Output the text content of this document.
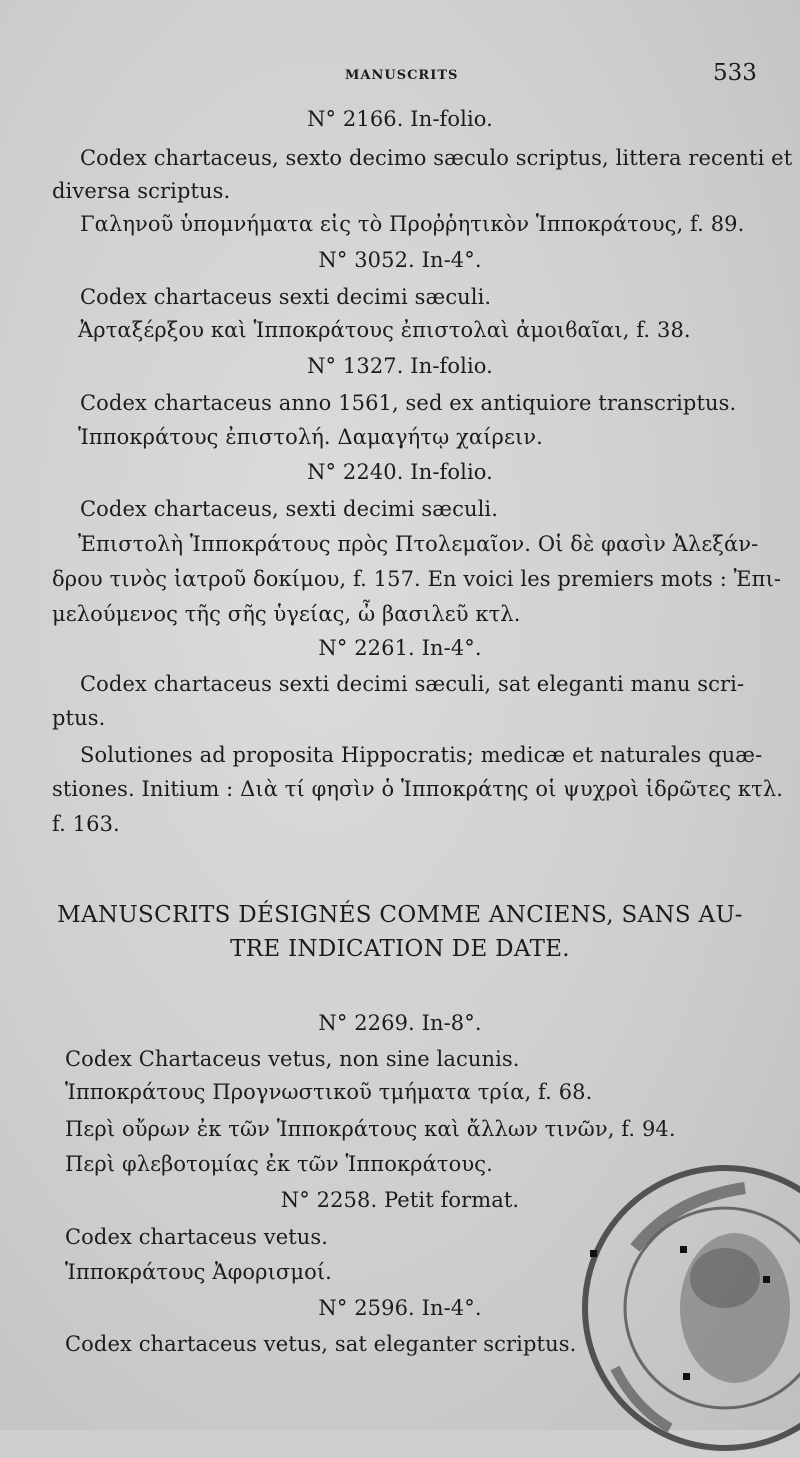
MANUSCRITS	533
N° 2166. In-folio.
Codex chartaceus, sexto decimo sæculo scriptus, littera recenti et
diversa scriptus.
Γαληνοῦ ὑπομνήματα εἰς τὸ Προῤῥητικὸν Ἱπποκράτους, f. 89.
N° 3052. In-4°.
Codex chartaceus sexti decimi sæculi.
Ἀρταξέρξου καὶ Ἱπποκράτους ἐπιστολαὶ ἀμοιϐαῖαι, f. 38.
N° 1327. In-folio.
Codex chartaceus anno 1561, sed ex antiquiore transcriptus.
Ἱπποκράτους ἐπιστολή. Δαμαγήτῳ χαίρειν.
N° 2240. In-folio.
Codex chartaceus, sexti decimi sæculi.
Ἐπιστολὴ Ἱπποκράτους πρὸς Πτολεμαῖον. Οἱ δὲ φασὶν Ἀλεξάν-
δρου τινὸς ἰατροῦ δοκίμου, f. 157. En voici les premiers mots : Ἐπι-
μελούμενος τῆς σῆς ὑγείας, ὦ βασιλεῦ κτλ.
N° 2261. In-4°.
Codex chartaceus sexti decimi sæculi, sat eleganti manu scri-
ptus.
Solutiones ad proposita Hippocratis; medicæ et naturales quæ-
stiones. Initium : Διὰ τί φησὶν ὁ Ἱπποκράτης οἱ ψυχροὶ ἱδρῶτες κτλ.
f. 163.
MANUSCRITS DÉSIGNÉS COMME ANCIENS, SANS AU-
TRE INDICATION DE DATE.
N° 2269. In-8°.
Codex Chartaceus vetus, non sine lacunis.
Ἱπποκράτους Προγνωστικοῦ τμήματα τρία, f. 68.
Περὶ οὔρων ἐκ τῶν Ἱπποκράτους καὶ ἄλλων τινῶν, f. 94.
Περὶ φλεβοτομίας ἐκ τῶν Ἱπποκράτους.
N° 2258. Petit format.
Codex chartaceus vetus.
Ἱπποκράτους Ἀφορισμοί.
N° 2596. In-4°.
Codex chartaceus vetus, sat eleganter scriptus.
